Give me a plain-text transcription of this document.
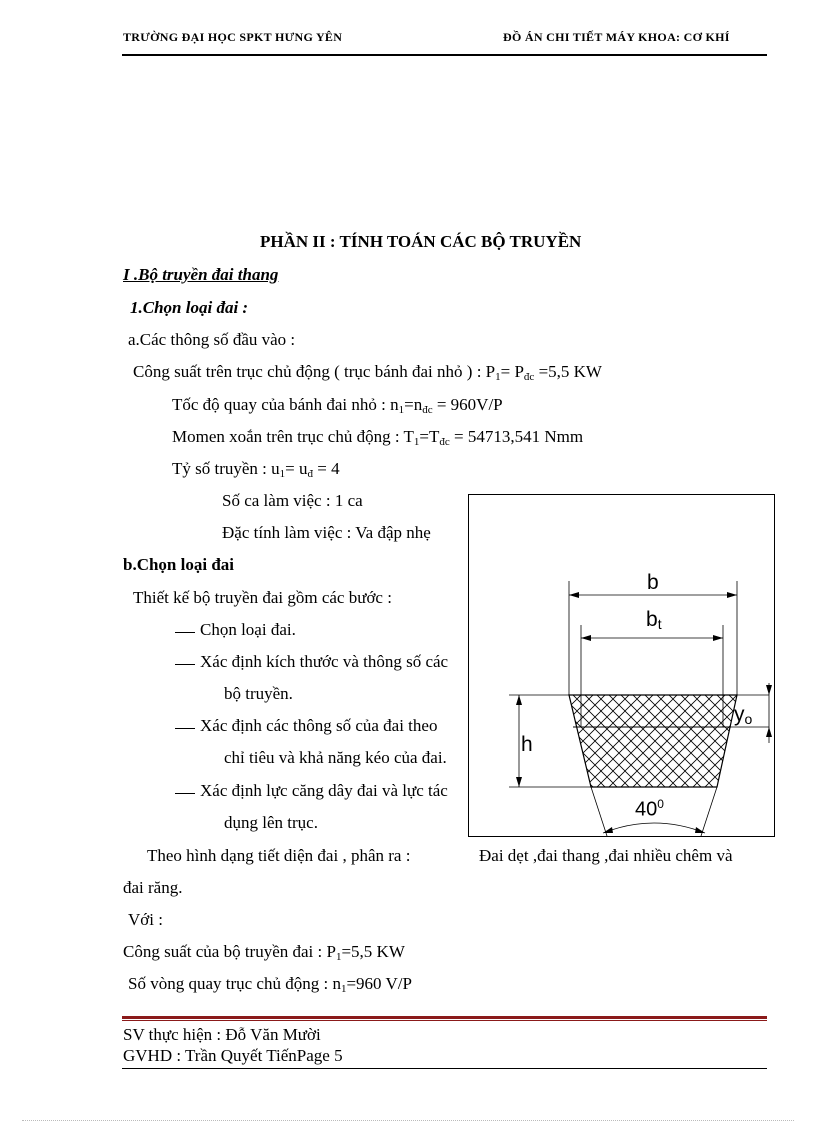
TRƯỜNG ĐẠI HỌC SPKT HƯNG YÊN	ĐỒ ÁN CHI TIẾT MÁY KHOA: CƠ KHÍ
PHẦN II : TÍNH TOÁN CÁC BỘ TRUYỀN
I .Bộ truyền đai thang
1.Chọn loại đai :
a.Các thông số đầu vào :
Công suất trên trục chủ động ( trục bánh đai nhỏ ) : $P_1= P_{đc} =5,5$ KW
Tốc độ quay của bánh đai nhỏ : $n_1=n_{đc} = 960V/P$
Momen xoắn trên trục chủ động : $T_1=T_{đc} = 54713,541$ Nmm
Tỷ số truyền : $u_1= u_đ = 4$
Số ca làm việc : 1 ca
Đặc tính làm việc : Va đập nhẹ
b.Chọn loại đai
Thiết kế bộ truyền đai gồm các bước :
Chọn loại đai.
Xác định kích thước và thông số các
bộ truyền.
Xác định các thông số của đai theo
chỉ tiêu và khả năng kéo của đai.
Xác định lực căng dây đai và lực tác
dụng lên trục.
b
$b_t$
h
$y_o$
$40^0$
Theo hình dạng tiết diện đai , phân ra :	Đai dẹt ,đai thang ,đai nhiều chêm và
đai răng.
Với :
Công suất của bộ truyền đai : $P_1=5,5$ KW
Số vòng quay trục chủ động : $n_1=960$ V/P
SV thực hiện : Đỗ Văn Mười
GVHD : Trần Quyết TiếnPage 5
